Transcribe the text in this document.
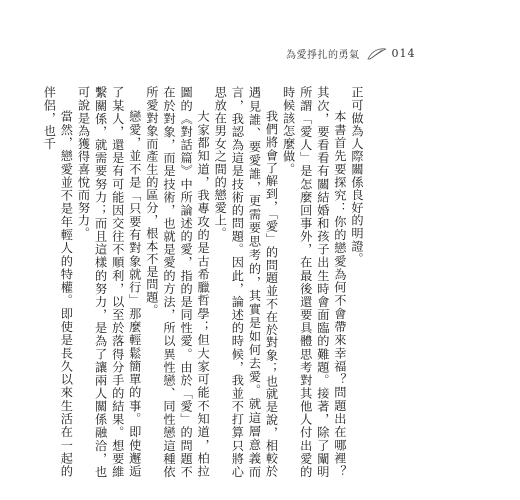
為愛掙扎的勇氣	014

正可做為人際關係良好的明證。

本書首先要探究：你的戀愛為何不會帶來幸福？問題出在哪裡？其次，要看看有關結婚和孩子出生時會面臨的難題。接著，除了闡明所謂「愛人」是怎麼回事外，在最後還要具體思考對其他人付出愛的時候該怎麼做。

我們將會了解到，「愛」的問題並不在於對象；也就是說，相較於遇見誰、要愛誰，更需要思考的，其實是如何去愛。就這層意義而言，我認為這是技術的問題。因此，論述的時候，我並不打算只將心思放在男女之間的戀愛上。

大家都知道，我專攻的是古希臘哲學；但大家可能不知道，柏拉圖的《對話篇》中所論述的愛，指的是同性愛。由於「愛」的問題不在於對象，而是技術，也就是愛的方法，所以異性戀、同性戀這種依所愛對象而產生的區分，根本不是問題。

戀愛，並不是「只要有對象就行」那麼輕鬆簡單的事。即使邂逅了某人，還是有可能因交往不順利，以至於落得分手的結果。想要維繫關係，就需要努力；而且這樣的努力，是為了讓兩人關係融洽，也可說是為獲得喜悅而努力。

當然，戀愛並不是年輕人的特權。即使是長久以來生活在一起的伴侶，也千
